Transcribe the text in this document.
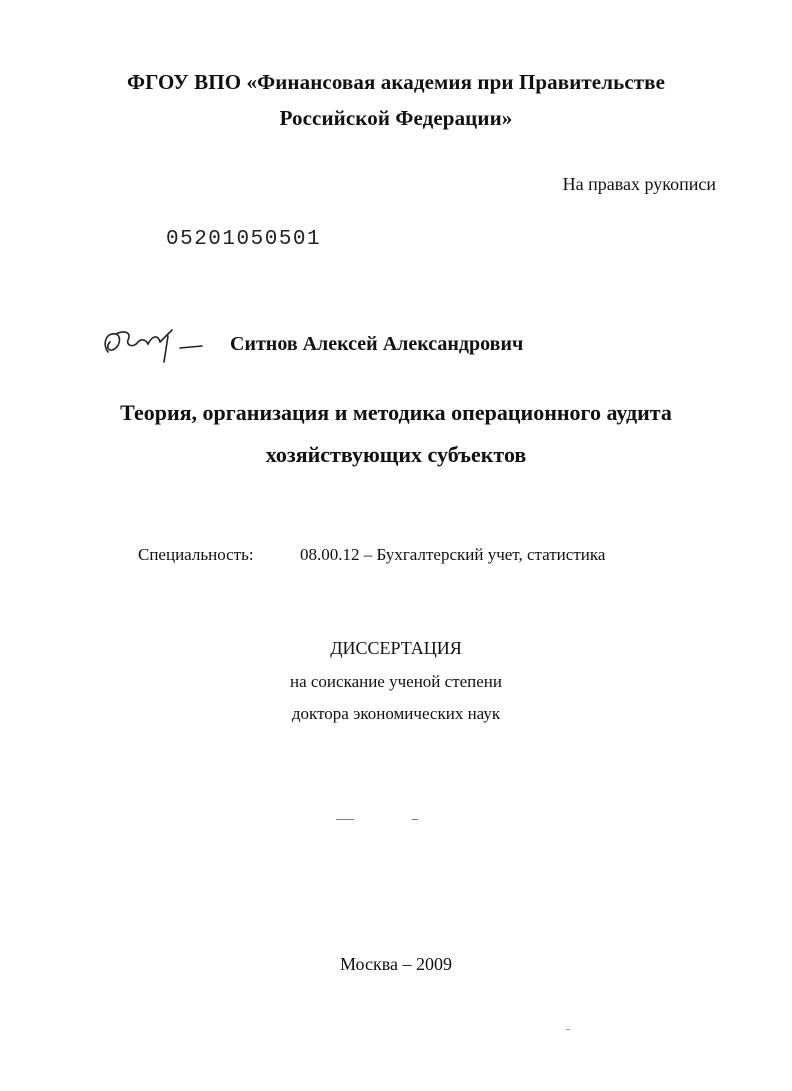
ФГОУ ВПО «Финансовая академия при Правительстве
Российской Федерации»
На правах рукописи
05201050501
Ситнов Алексей Александрович
Теория, организация и методика операционного аудита
хозяйствующих субъектов
Специальность:	08.00.12 – Бухгалтерский учет, статистика
ДИССЕРТАЦИЯ
на соискание ученой степени
доктора экономических наук
Москва – 2009
